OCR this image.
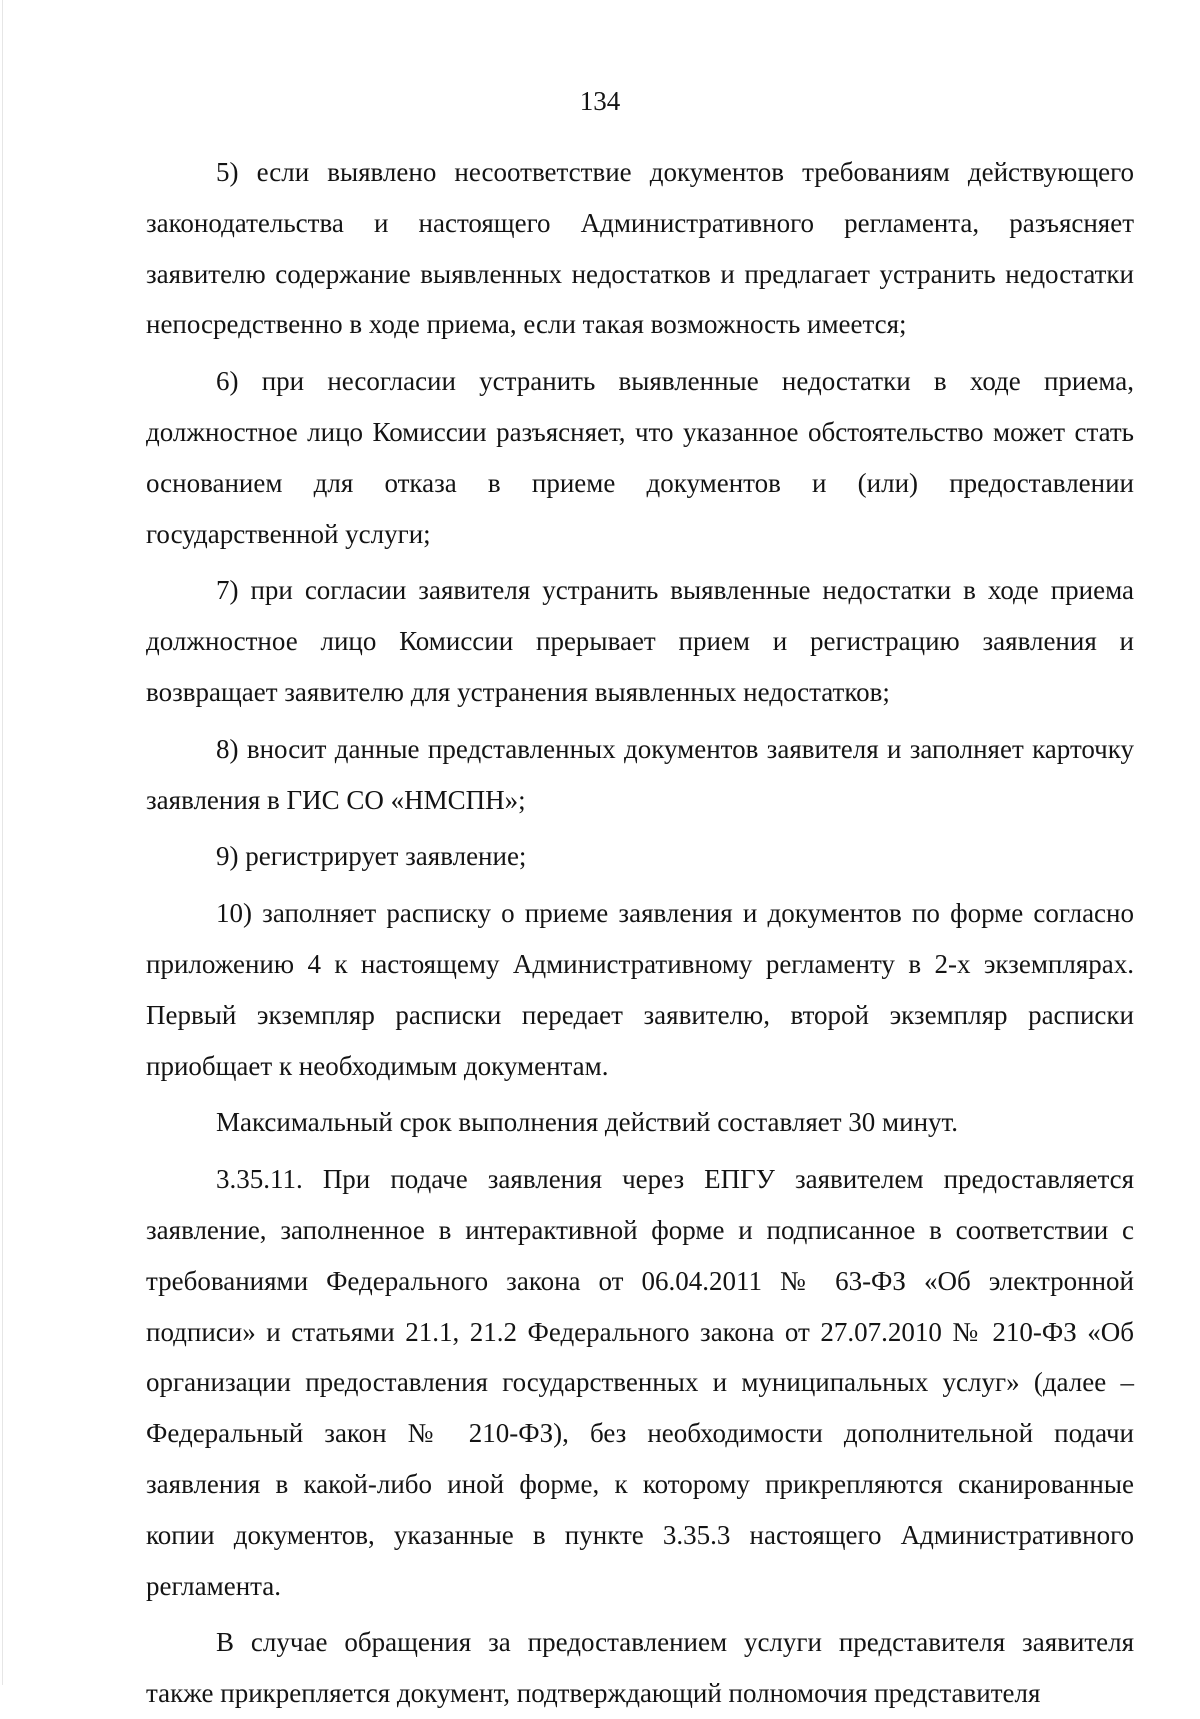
134

5) если выявлено несоответствие документов требованиям действующего законодательства и настоящего Административного регламента, разъясняет заявителю содержание выявленных недостатков и предлагает устранить недостатки непосредственно в ходе приема, если такая возможность имеется;

6) при несогласии устранить выявленные недостатки в ходе приема, должностное лицо Комиссии разъясняет, что указанное обстоятельство может стать основанием для отказа в приеме документов и (или) предоставлении государственной услуги;

7) при согласии заявителя устранить выявленные недостатки в ходе приема должностное лицо Комиссии прерывает прием и регистрацию заявления и возвращает заявителю для устранения выявленных недостатков;

8) вносит данные представленных документов заявителя и заполняет карточку заявления в ГИС СО «НМСПН»;

9) регистрирует заявление;

10) заполняет расписку о приеме заявления и документов по форме согласно приложению 4 к настоящему Административному регламенту в 2-х экземплярах. Первый экземпляр расписки передает заявителю, второй экземпляр расписки приобщает к необходимым документам.

Максимальный срок выполнения действий составляет 30 минут.

3.35.11. При подаче заявления через ЕПГУ заявителем предоставляется заявление, заполненное в интерактивной форме и подписанное в соответствии с требованиями Федерального закона от 06.04.2011 № 63-ФЗ «Об электронной подписи» и статьями 21.1, 21.2 Федерального закона от 27.07.2010 № 210-ФЗ «Об организации предоставления государственных и муниципальных услуг» (далее – Федеральный закон № 210-ФЗ), без необходимости дополнительной подачи заявления в какой-либо иной форме, к которому прикрепляются сканированные копии документов, указанные в пункте 3.35.3 настоящего Административного регламента.

В случае обращения за предоставлением услуги представителя заявителя также прикрепляется документ, подтверждающий полномочия представителя
